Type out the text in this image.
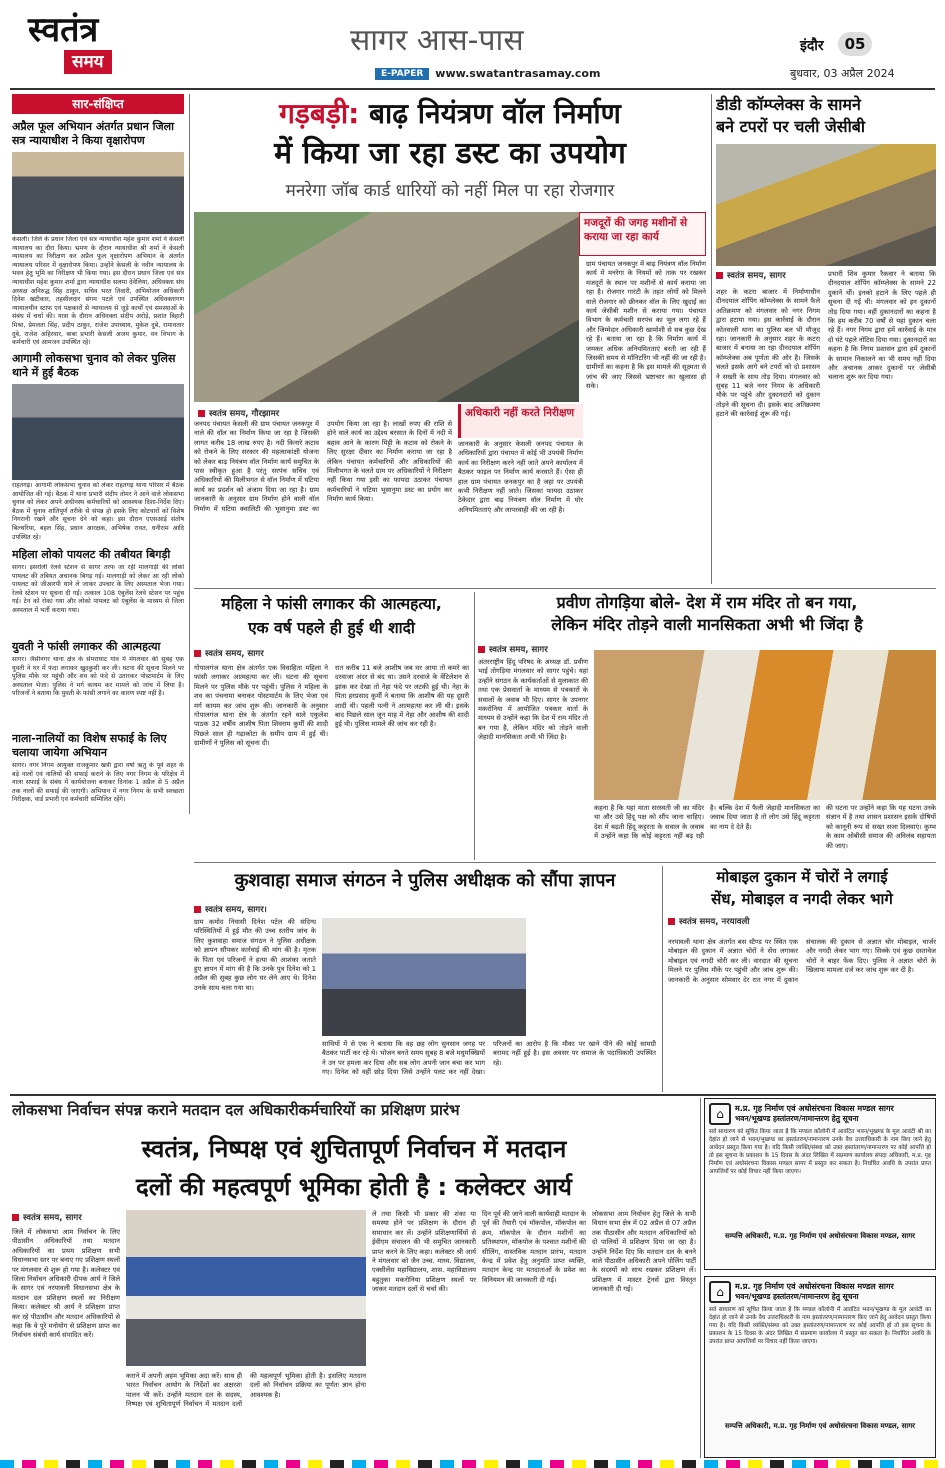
स्वतंत्र
समय
सागर आस-पास
E-PAPER	www.swatantrasamay.com
इंदौर	05
बुधवार, 03 अप्रैल 2024
सार-संक्षिप्त
अप्रैल फूल अभियान अंतर्गत प्रधान जिला सत्र न्यायाधीश ने किया वृक्षारोपण
केसली। जिले के प्रधान जिला एवं सत्र न्यायाधीश महेश कुमार शर्मा ने केसली न्यायालय का दौरा किया। भ्रमण के दौरान न्यायाधीश श्री शर्मा ने केसली न्यायालय का निरीक्षण कर अप्रैल फूल वृक्षारोपण अभियान के अंतर्गत न्यायालय परिसर में वृक्षारोपण किया। उन्होंने केसली के नवीन न्यायालय के भवन हेतु भूमि का निरीक्षण भी किया गया। इस दौरान प्रधान जिला एवं सत्र न्यायाधीश महेश कुमार शर्मा द्वारा न्यायाधीश सलमा देवेलिया, अधिवक्ता संघ अध्यक्ष अनिरुद्ध सिंह ठाकुर, सचिव भरत तिवारी, अभियोजन अधिकारी दिनेश खटीकार, तहसीलदार संगम पटले एवं उपस्थित अधिवक्तागण न्यायालयीन स्टाफ एवं पक्षकारों से न्यायालय से जुड़े कार्यों एवं समस्याओं के संबंध में चर्चा की। यात्रा के दौरान अधिवक्ता संदीप अरोड़े, प्रशांत बिहारी मिश्रा, प्रेमलता सिंह, प्रदीप ठाकुर, राजेश उपाध्याय, मुकेश दुबे, रामावतार दुबे, राजेश अहिरवार, बाबा प्रभारी केसली अजय कुमार, वन विभाग के कर्मचारी एवं आमजन उपस्थित रहे।
आगामी लोकसभा चुनाव को लेकर पुलिस थाने में हुई बैठक
राहतगढ़। आगामी लोकसभा चुनाव को लेकर राहतगढ़ थाना परिसर में बैठक आयोजित की गई। बैठक में थाना प्रभारी संदीप तोमर ने आने वाले लोकसभा चुनाव को लेकर अपने अधीनस्थ कर्मचारियों को आवश्यक दिशा-निर्देश दिए। बैठक में चुनाव शांतिपूर्ण तरीके से संपन्न हो इसके लिए कोटवारों को विशेष निगरानी रखने और सूचना देने को कहा। इस दौरान एएसआई संतोष बिल्थरिया, बहल सिंह, प्रधान आरक्षक, अभिषेक रावत, धनीराम आदि उपस्थित रहे।
महिला लोको पायलट की तबीयत बिगड़ी
सागर। इसरोली रेलवे स्टेशन से सागर तरफ जा रही मालगाड़ी की लोको पायलट की तबियत अचानक बिगड़ गई। मालगाड़ी को लेकर आ रही लोको पायलट को जीआरपी थाने ले जाकर उपचार के लिए अस्पताल भेजा गया। रेलवे स्टेशन पर सूचना दी गई। तत्काल 108 एंबुलेंस रेलवे स्टेशन पर पहुंच गई। टेन को रोका गया और लोको पायलट को एंबुलेंस के माध्यम से जिला अस्पताल में भर्ती कराया गया।
युवती ने फांसी लगाकर की आत्महत्या
सागर। जैसीनगर थाना क्षेत्र के सेमराघाट गांव में मंगलवार की सुबह एक युवती ने घर में फंदा लगाकर खुदकुशी कर ली। घटना की सूचना मिलने पर पुलिस मौके पर पहुंची और शव को फंदे से उतारकर पोस्टमार्टम के लिए अस्पताल भेजा। पुलिस ने मर्ग कायम कर मामले को जांच में लिया है। परिजनों ने बताया कि युवती के फांसी लगाने का कारण स्पष्ट नहीं है।
नाला-नालियों का विशेष सफाई के लिए चलाया जायेगा अभियान
सागर। नगर निगम आयुक्त राजकुमार खत्री द्वारा वर्षा ऋतु के पूर्व शहर के बड़े नालों एवं नालियों की सफाई कराने के लिए नगर निगम के परिक्षेत्र में नाला सफाई के संबंध में कार्ययोजना बनाकर दिनांक 1 अप्रैल से 5 अप्रैल तक नालों की सफाई की जाएगी। अभियान में नगर निगम के सभी स्वच्छता निरीक्षक, वार्ड प्रभारी एवं कर्मचारी सम्मिलित रहेंगे।
गड़बड़ी: बाढ़ नियंत्रण वॉल निर्माण
में किया जा रहा डस्ट का उपयोग
मनरेगा जॉब कार्ड धारियों को नहीं मिल पा रहा रोजगार
मजदूरों की जगह मशीनों से कराया जा रहा कार्य
स्वतंत्र समय, गौरझामर
जनपद पंचायत केसली की ग्राम पंचायत जनकपुर में नाले की वॉल का निर्माण किया जा रहा है जिसकी लागत करीब 18 लाख रुपए है। नदी किनारे कटाव को रोकने के लिए सरकार की महत्वाकांक्षी योजना को लेकर बाढ़ नियंत्रण वॉल निर्माण कार्य समुचित के पास स्वीकृत हुआ है परंतु सरपंच सचिव एवं अधिकारियों की मिलीभगत से वॉल निर्माण में घटिया कार्य का प्रदर्शन को अंजाम दिया जा रहा है। ग्राम जानकारी के अनुसार ग्राम निर्माण होने वाली वॉल निर्माण में घटिया क्वालिटी की भूसानुमा डस्ट का उपयोग किया जा रहा है। लाखों रुपए की राशि से होने वाले कार्य का उद्देश्य बरसात के दिनों में नदी में बहाव आने के कारण मिट्टी के कटाव को रोकने के लिए सुरक्षा दीवार का निर्माण कराया जा रहा है लेकिन पंचायत कर्मचारियों और अधिकारियों की मिलीभगत के चलते ग्राम पर अधिकारियों ने निरीक्षण नहीं किया गया इसी का फायदा उठाकर पंचायत कर्मचारियों ने घटिया भूसानुमा डस्ट का प्रयोग कर निर्माण कार्य किया।
अधिकारी नहीं करते निरीक्षण
जानकारी के अनुसार केसली जनपद पंचायत के अधिकारियों द्वारा पंचायत में कोई भी उपयंत्री निर्माण कार्य का निरीक्षण करने नहीं जाते अपने कार्यालय में बैठकर फाइल पर निर्माण कार्य करवाते हैं। ऐसा ही हाल ग्राम पंचायत जनकपुर का है जहां पर उपयंत्री कभी निरीक्षण नहीं जाते। जिसका फायदा उठाकर ठेकेदार द्वारा बाढ़ नियंत्रण वॉल निर्माण में घोर अनियमितताएं और लापरवाही की जा रही है।
ग्राम पंचायत जनकपुर में बाढ़ नियंत्रण वॉल निर्माण कार्य में मनरेगा के नियमों को ताक पर रखकर मजदूरों के स्थान पर मशीनों से कार्य कराया जा रहा है। रोजगार गारंटी के तहत लोगों को मिलने वाले रोजगार को छीनकर वॉल के लिए खुदाई का कार्य जेसीबी मशीन से कराया गया। पंचायत विभाग के कर्मचारी सरपंच का भूल लगा रहे हैं और जिम्मेदार अधिकारी खामोशी से सब कुछ देख रहे हैं। बताया जा रहा है कि निर्माण कार्य में जमकर अधिक अनियमितताएं बरती जा रही हैं जिसकी समय से मॉनिटरिंग भी नहीं की जा रही है। ग्रामीणों का कहना है कि इस मामले की सूक्ष्मता से जांच की जाए जिससे भ्रष्टाचार का खुलासा हो सके।
डीडी कॉम्प्लेक्स के सामने
बने टपरों पर चली जेसीबी
स्वतंत्र समय, सागर
शहर के कटरा बाजार में निर्माणाधीन दीनदयाल शॉपिंग कॉम्प्लेक्स के सामने फैले अतिक्रमण को मंगलवार को नगर निगम द्वारा हटाया गया। इस कार्रवाई के दौरान कोतवाली थाना का पुलिस बल भी मौजूद रहा। जानकारी के अनुसार शहर के कटरा बाजार में बनाया जा रहा दीनदयाल शॉपिंग कॉम्प्लेक्स अब पूर्णता की ओर है। जिसके चलते इसके आगे बने टपरों को दो प्रशासन ने सख्ती के साथ तोड़ दिया। मंगलवार को सुबह 11 बजे नगर निगम के अधिकारी मौके पर पहुंचे और दुकानदारों को दुकान तोड़ने की सूचना दी। इसके बाद अतिक्रमण हटाने की कार्रवाई शुरू की गई।
प्रभारी शिव कुमार रैकवार ने बताया कि दीनदयाल शॉपिंग कॉम्प्लेक्स के सामने 22 दुकानें थीं। इनको हटाने के लिए पहले ही सूचना दी गई थी। मंगलवार को इन दुकानों तोड़ दिया गया। वहीं दुकानदारों का कहना है कि हम करीब 70 वर्षों से यहां दुकान चला रहे हैं। नगर निगम द्वारा हमें कार्रवाई के मात्र दो घंटे पहले नोटिस दिया गया। दुकानदारों का कहना है कि निगम प्रशासन द्वारा हमें दुकानों के सामान निकालने का भी समय नहीं दिया और अचानक आकर दुकानों पर जेसीबी चलाना शुरू कर दिया गया।
महिला ने फांसी लगाकर की आत्महत्या,
एक वर्ष पहले ही हुई थी शादी
स्वतंत्र समय, सागर
गोपालगंज थाना क्षेत्र अंतर्गत एक विवाहिता महिला ने फांसी लगाकर आत्महत्या कर ली। घटना की सूचना मिलने पर पुलिस मौके पर पहुंची। पुलिस ने महिला के शव का पंचनामा बनाकर पोस्टमार्टम के लिए भेजा एवं मर्ग कायम कर जांच शुरू की। जानकारी के अनुसार गोपालगंज थाना क्षेत्र के अंतर्गत रहने वाले एकुलेश पाठक 32 वर्षीय आशीष पिता शिवराम कुर्मी की शादी पिछले साल ही गढ़ाकोटा के समीप ग्राम में हुई थी। ग्रामीणों ने पुलिस को सूचना दी।
रात करीब 11 बजे आशीष जब घर आया तो कमरे का दरवाजा अंदर से बंद था। उसने दरवाजे के वेंटिलेशन से झांक कर देखा तो नेहा फंदे पर लटकी हुई थी। नेहा के पिता हरप्रसाद कुर्मी ने बताया कि आशीष की यह दूसरी शादी थी। पहली पत्नी ने आत्महत्या कर ली थी। इसके बाद पिछले साल जून माह में नेहा और आशीष की शादी हुई थी। पुलिस मामले की जांच कर रही है।
प्रवीण तोगड़िया बोले- देश में राम मंदिर तो बन गया,
लेकिन मंदिर तोड़ने वाली मानसिकता अभी भी जिंदा है
स्वतंत्र समय, सागर
अंतरराष्ट्रीय हिंदू परिषद के अध्यक्ष डॉ. प्रवीण भाई तोगड़िया मंगलवार को सागर पहुंचे। यहां उन्होंने संगठन के कार्यकर्ताओं से मुलाकात की तथा एक प्रेसवार्ता के माध्यम से पत्रकारों के सवालों के जवाब भी दिए। सागर के उपनगर मकरोनिया में आयोजित पत्रकार वार्ता के माध्यम से उन्होंने कहा कि देश में राम मंदिर तो बन गया है, लेकिन मंदिर को तोड़ने वाली जेहादी मानसिकता अभी भी जिंदा है।
कहना है कि यहां माता सरस्वती जी का मंदिर था और उसे हिंदू पक्ष को सौंप जाना चाहिए। देश में बढ़ती हिंदू कट्टरता के सवाल के जवाब में उन्होंने कहा कि कोई कट्टरता नहीं बढ़ रही है। बल्कि देश में फैली जेहादी मानसिकता का जवाब दिया जाता है तो लोग उसे हिंदू कट्टरता का नाम दे देते हैं।
की घटना पर उन्होंने कहा कि यह घटना उनके संज्ञान में है तथा शासन प्रशासन इसके दोषियों को कानूनी रूप से सख्त सजा दिलवाएं। कुम्भ के काम ओबीसी समाज की अविलंब सहायता की जाए।
कुशवाहा समाज संगठन ने पुलिस अधीक्षक को सौंपा ज्ञापन
स्वतंत्र समय, सागर।
ग्राम कमोद निवासी दिनेश पटेल की संदिग्ध परिस्थितियों में हुई मौत की उच्च स्तरीय जांच के लिए कुशवाहा समाज संगठन ने पुलिस अधीक्षक को ज्ञापन सौंपकर कार्रवाई की मांग की है। मृतक के पिता एवं परिजनों ने हत्या की आशंका जताते हुए ज्ञापन में मांग की है कि उनके पुत्र दिनेश को 1 अप्रैल की सुबह कुछ लोग घर लेने आए थे। दिनेश उनके साथ चला गया था।
साथियों में से एक ने बताया कि वह छह लोग सुनसान जगह पर बैठकर पार्टी कर रहे थे। भोजन बनते समय सुबह 8 बजे मधुमक्खियों ने उन पर हमला कर दिया और सब लोग अपनी जान बचा कर भाग गए। दिनेश को वहीं छोड़ दिया जिसे उन्होंने पलट कर नहीं देखा। परिजनों का आरोप है कि मौका पर खाने पीने की कोई सामग्री बरामद नहीं हुई है। इस अवसर पर समाज के पदाधिकारी उपस्थित रहे।
मोबाइल दुकान में चोरों ने लगाई
सेंध, मोबाइल व नगदी लेकर भागे
स्वतंत्र समय, नरयावली
नरयावली थाना क्षेत्र अंतर्गत बस स्टैण्ड पर स्थित एक मोबाइल की दुकान में अज्ञात चोरों ने सेंध लगाकर मोबाइल एवं नगदी चोरी कर ली। वारदात की सूचना मिलने पर पुलिस मौके पर पहुंची और जांच शुरू की। जानकारी के अनुसार सोमवार देर रात नगर में दुकान संचालक की दुकान से अज्ञात चोर मोबाइल, चार्जर और नगदी लेकर भाग गए। सिक्के एवं कुछ दस्तावेज चोरों ने बाहर फेंक दिए। पुलिस ने अज्ञात चोरों के खिलाफ मामला दर्ज कर जांच शुरू कर दी है।
लोकसभा निर्वाचन संपन्न कराने मतदान दल अधिकारीकर्मचारियों का प्रशिक्षण प्रारंभ
स्वतंत्र, निष्पक्ष एवं शुचितापूर्ण निर्वाचन में मतदान
दलों की महत्वपूर्ण भूमिका होती है : कलेक्टर आर्य
स्वतंत्र समय, सागर
जिले में लोकसभा आम निर्वाचन के लिए पीठासीन अधिकारियों तथा मतदान अधिकारियों का प्रथम प्रशिक्षण सभी विधानसभा स्तर पर बनाए गए प्रशिक्षण स्थलों पर मंगलवार से शुरू हो गया है। कलेक्टर एवं जिला निर्वाचन अधिकारी दीपक आर्य ने जिले के सागर एवं नरयावली विधानसभा क्षेत्र के मतदान दल प्रशिक्षण स्थलों का निरीक्षण किया। कलेक्टर श्री आर्य ने प्रशिक्षण प्राप्त कर रहे पीठासीन और मतदान अधिकारियों से कहा कि वे पूरे मनोयोग से प्रशिक्षण प्राप्त कर निर्वाचन संबंधी कार्य संपादित करें।
कराने में अपनी अहम भूमिका अदा करें। साथ ही भारत निर्वाचन आयोग के निर्देशों का अक्षरशः पालन भी करें। उन्होंने मतदान दल के सदस्य, निष्पक्ष एवं शुचितापूर्ण निर्वाचन में मतदान दलों की महत्वपूर्ण भूमिका होती है। इसलिए मतदान दलों को निर्वाचन प्रक्रिया का पूर्णतः ज्ञान होना आवश्यक है।
ले तथा किसी भी प्रकार की शंका या समस्या होने पर प्रशिक्षण के दौरान ही समाधान कर लें। उन्होंने प्रशिक्षणार्थियों से ईवीएम संचालन की भी समुचित जानकारी प्राप्त करने के लिए कहा। कलेक्टर श्री आर्य ने मंगलवार को जैन उच्च. माध्य. विद्यालय, एक्सीलेंस महाविद्यालय, शास. महाविद्यालय बहुतुका मकरोनिया प्रशिक्षण स्थलों पर जाकर मतदान दलों से चर्चा की।
दिन पूर्व की जाने वाली कार्यवाही मतदान के पूर्व की तैयारी एवं मॉकपोल, मॉकपोल का क्रम, मॉकपोल के दौरान मशीनों का प्रतिस्थापन, मॉकपोल के पश्चात मशीनों की सीलिंग, वास्तविक मतदान प्रारंभ, मतदान केन्द्र में प्रवेश हेतु अनुमति प्राप्त व्यक्ति, मतदान केन्द्र पर मतदाताओं के प्रवेश का विनियमन की जानकारी दी गई।
लोकसभा आम निर्वाचन हेतु जिले के सभी विधान सभा क्षेत्र में 02 अप्रैल से 07 अप्रैल तक पीठासीन और मतदान अधिकारियों को दो पालियों में प्रशिक्षण दिया जा रहा है। उन्होंने निर्देश दिए कि मतदान दल के बनने वाले पीठासीन अधिकारी अपने पोलिंग पार्टी के सदस्यों को साथ रखकर प्रशिक्षण लें। प्रशिक्षण में मास्टर ट्रेनर्स द्वारा विस्तृत जानकारी दी गई।
⌂	म.प्र. गृह निर्माण एवं अधोसंरचना विकास मण्डल सागर
भवन/भूखण्ड हस्तांतरण/नामान्तरण हेतु सूचना
सर्व साधारण को सूचित किया जाता है कि मण्डल कॉलोनी में आवंटित भवन/भूखण्ड के मूल आवंटी श्री का देहांत हो जाने से भवन/भूखण्ड का हस्तांतरण/नामान्तरण उनके वैध उत्तराधिकारी के नाम किए जाने हेतु आवेदन प्रस्तुत किया गया है। यदि किसी व्यक्ति/संस्था को उक्त हस्तांतरण/नामान्तरण पर कोई आपत्ति हो तो इस सूचना के प्रकाशन के 15 दिवस के अंदर लिखित में सप्रमाण कार्यालय संपदा अधिकारी, म.प्र. गृह निर्माण एवं अधोसंरचना विकास मण्डल सागर में प्रस्तुत कर सकता है। निर्धारित अवधि के उपरांत प्राप्त आपत्तियों पर कोई विचार नहीं किया जाएगा।
सम्पत्ति अधिकारी, म.प्र. गृह निर्माण एवं अधोसंरचना विकास मण्डल, सागर
⌂	म.प्र. गृह निर्माण एवं अधोसंरचना विकास मण्डल सागर
भवन/भूखण्ड हस्तांतरण/नामान्तरण हेतु सूचना
सर्व साधारण को सूचित किया जाता है कि मण्डल कॉलोनी में आवंटित भवन/भूखण्ड के मूल आवंटी का देहांत हो जाने से उनके वैध उत्तराधिकारी के नाम हस्तांतरण/नामान्तरण किए जाने हेतु आवेदन प्रस्तुत किया गया है। यदि किसी व्यक्ति/संस्था को उक्त हस्तांतरण/नामान्तरण पर कोई आपत्ति हो तो इस सूचना के प्रकाशन के 15 दिवस के अंदर लिखित में सप्रमाण कार्यालय में प्रस्तुत कर सकता है। निर्धारित अवधि के उपरांत प्राप्त आपत्तियों पर विचार नहीं किया जाएगा।
सम्पत्ति अधिकारी, म.प्र. गृह निर्माण एवं अधोसंरचना विकास मण्डल, सागर
